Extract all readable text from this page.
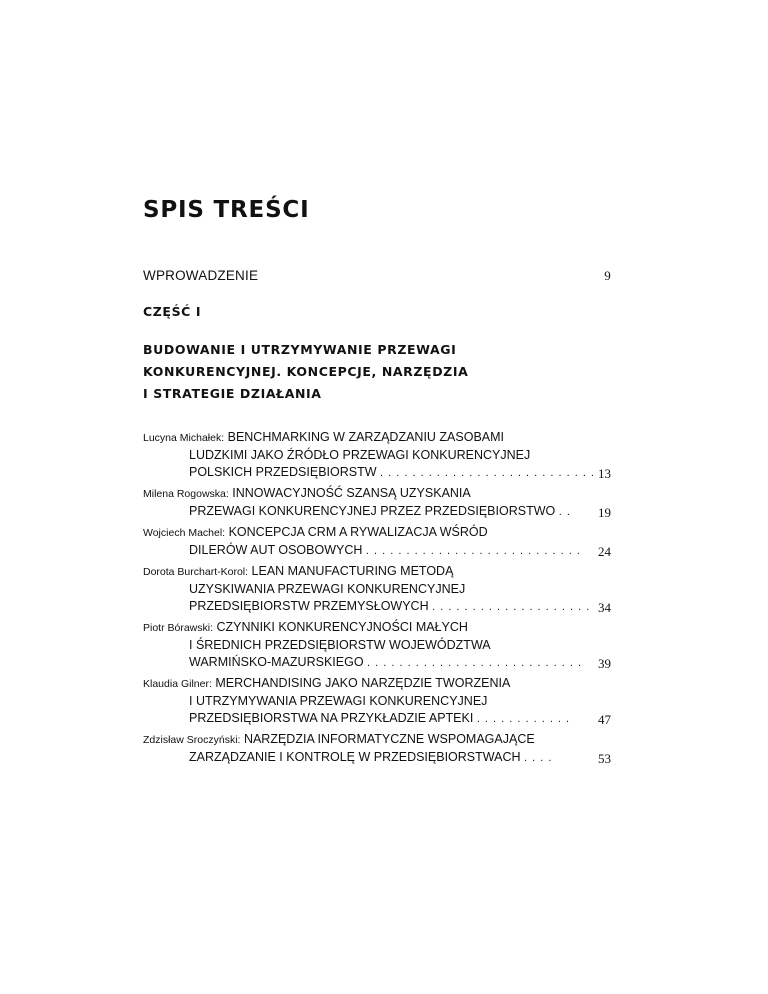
SPIS TREŚCI
WPROWADZENIE	9
CZĘŚĆ I
BUDOWANIE I UTRZYMYWANIE PRZEWAGI
KONKURENCYJNEJ. KONCEPCJE, NARZĘDZIA
I STRATEGIE DZIAŁANIA
Lucyna Michałek: BENCHMARKING W ZARZĄDZANIU ZASOBAMI
LUDZKIMI JAKO ŹRÓDŁO PRZEWAGI KONKURENCYJNEJ
POLSKICH PRZEDSIĘBIORSTW . . . . . . . . . . . . . . . . . . . . . . . . . . . 13
Milena Rogowska: INNOWACYJNOŚĆ SZANSĄ UZYSKANIA
PRZEWAGI KONKURENCYJNEJ PRZEZ PRZEDSIĘBIORSTWO . .	19
Wojciech Machel: KONCEPCJA CRM A RYWALIZACJA WŚRÓD
DILERÓW AUT OSOBOWYCH . . . . . . . . . . . . . . . . . . . . . . . . . . .	24
Dorota Burchart-Korol: LEAN MANUFACTURING METODĄ
UZYSKIWANIA PRZEWAGI KONKURENCYJNEJ
PRZEDSIĘBIORSTW PRZEMYSŁOWYCH . . . . . . . . . . . . . . . . . . . . 34
Piotr Bórawski: CZYNNIKI KONKURENCYJNOŚCI MAŁYCH
I ŚREDNICH PRZEDSIĘBIORSTW WOJEWÓDZTWA
WARMIŃSKO-MAZURSKIEGO . . . . . . . . . . . . . . . . . . . . . . . . . . .	39
Klaudia Gilner: MERCHANDISING JAKO NARZĘDZIE TWORZENIA
I UTRZYMYWANIA PRZEWAGI KONKURENCYJNEJ
PRZEDSIĘBIORSTWA NA PRZYKŁADZIE APTEKI . . . . . . . . . . . .	47
Zdzisław Sroczyński: NARZĘDZIA INFORMATYCZNE WSPOMAGAJĄCE
ZARZĄDZANIE I KONTROLĘ W PRZEDSIĘBIORSTWACH . . . .	53
